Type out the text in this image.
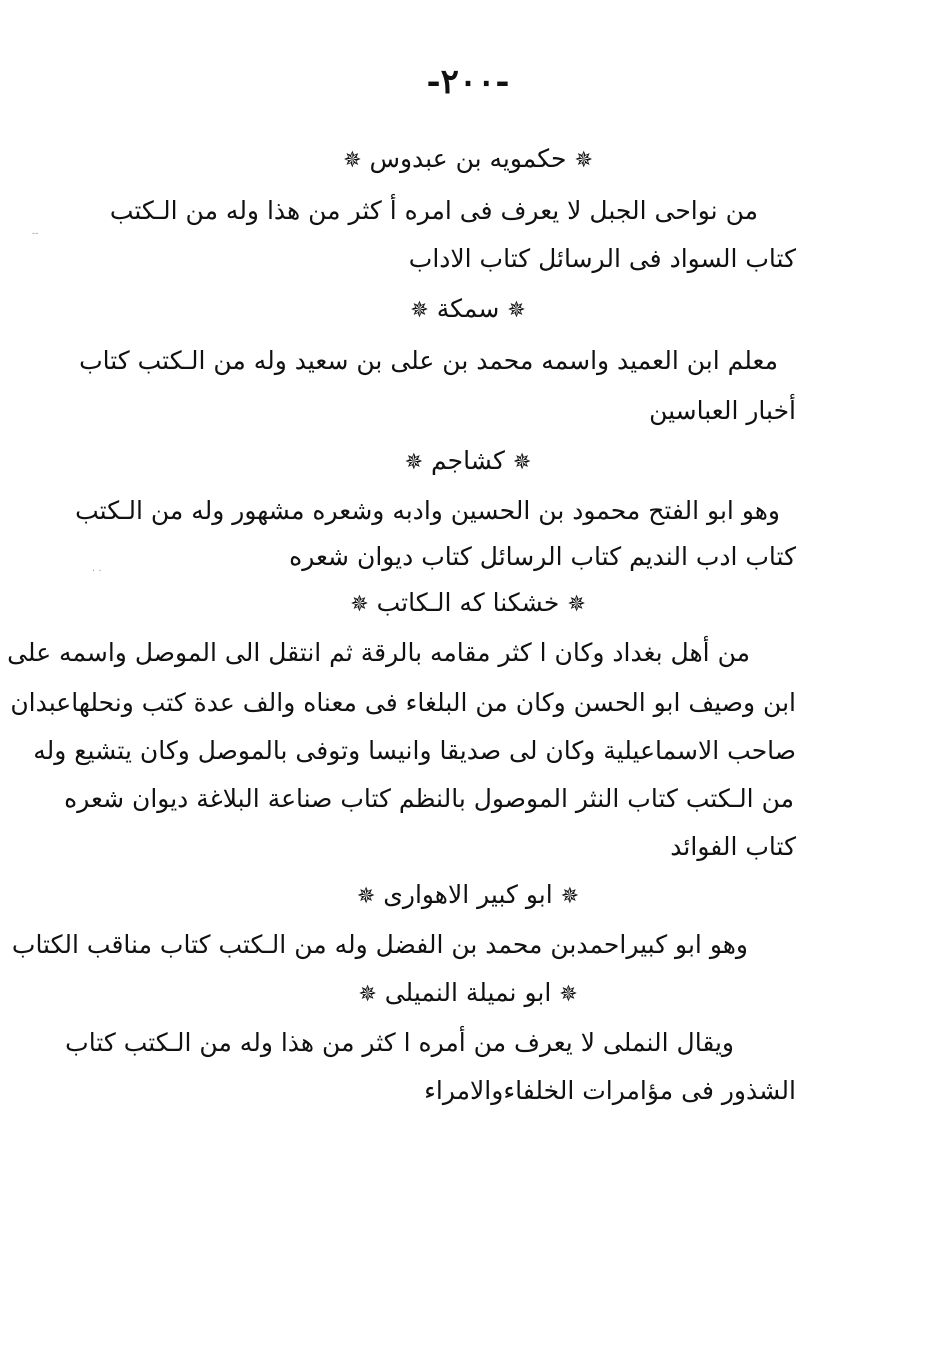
-٢٠٠-
✵ حكمويه بن عبدوس ✵
من نواحى الجبل لا يعرف فى امره أ كثر من هذا وله من الـكتب
كتاب السواد فى الرسائل كتاب الاداب
✵ سمكة ✵
معلم ابن العميد واسمه محمد بن على بن سعيد وله من الـكتب كتاب
أخبار العباسين
✵ كشاجم ✵
وهو ابو الفتح محمود بن الحسين وادبه وشعره مشهور وله من الـكتب
كتاب ادب النديم كتاب الرسائل كتاب ديوان شعره
✵ خشكنا كه الـكاتب ✵
من أهل بغداد وكان ا كثر مقامه بالرقة ثم انتقل الى الموصل واسمه على
ابن وصيف ابو الحسن وكان من البلغاء فى معناه والف عدة كتب ونحلهاعبدان
صاحب الاسماعيلية وكان لى صديقا وانيسا وتوفى بالموصل وكان يتشيع وله
من الـكتب كتاب النثر الموصول بالنظم كتاب صناعة البلاغة ديوان شعره
كتاب الفوائد
✵ ابو كبير الاهوارى ✵
وهو ابو كبيراحمدبن محمد بن الفضل وله من الـكتب كتاب مناقب الكتاب
✵ ابو نميلة النميلى ✵
ويقال النملى لا يعرف من أمره ا كثر من هذا وله من الـكتب كتاب
الشذور فى مؤامرات الخلفاءوالامراء
˗˗
· ·
